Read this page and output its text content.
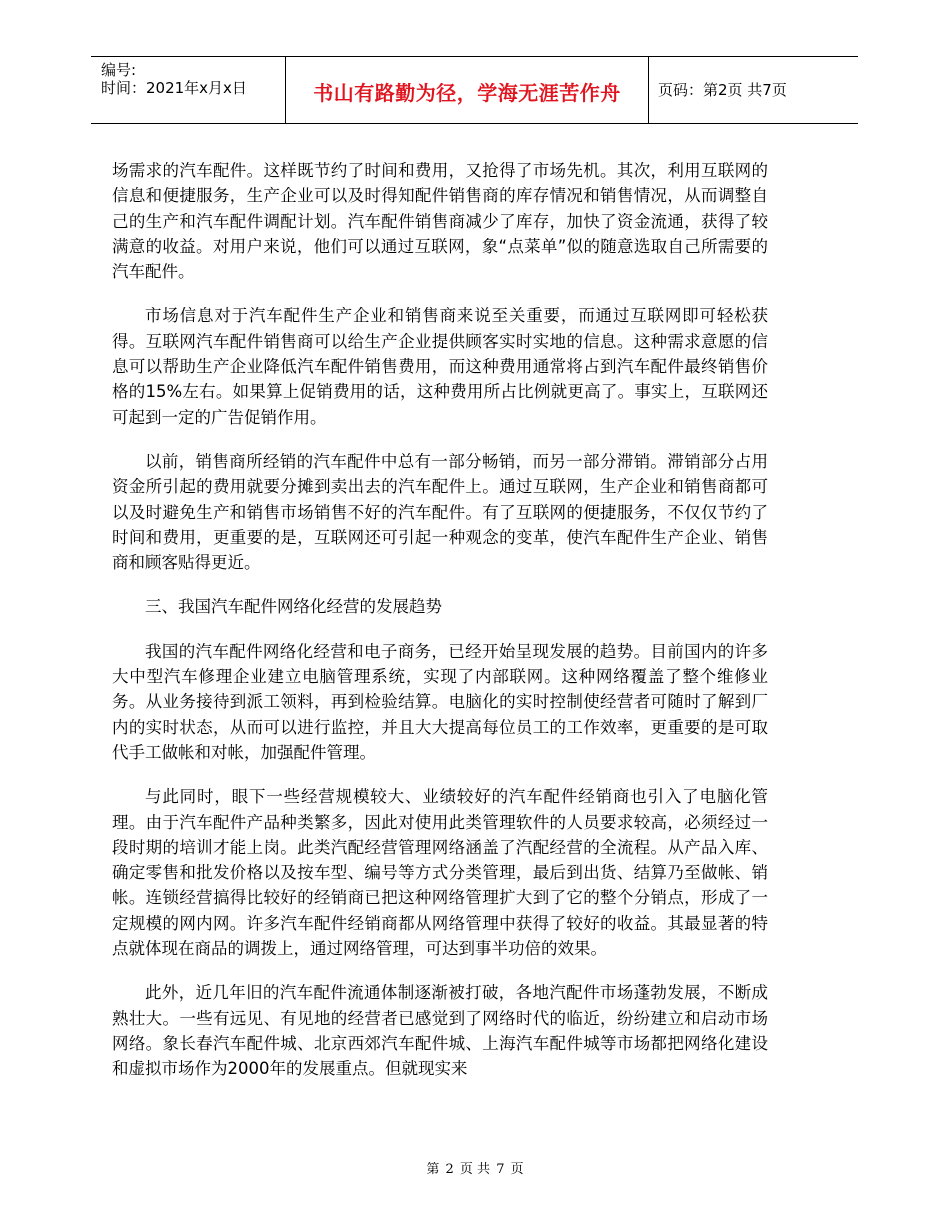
编号:
时间：2021年x月x日	书山有路勤为径，学海无涯苦作舟	页码：第2页 共7页

场需求的汽车配件。这样既节约了时间和费用，又抢得了市场先机。其次，利用互联网的信息和便捷服务，生产企业可以及时得知配件销售商的库存情况和销售情况，从而调整自己的生产和汽车配件调配计划。汽车配件销售商减少了库存，加快了资金流通，获得了较满意的收益。对用户来说，他们可以通过互联网，象“点菜单”似的随意选取自己所需要的汽车配件。

市场信息对于汽车配件生产企业和销售商来说至关重要，而通过互联网即可轻松获得。互联网汽车配件销售商可以给生产企业提供顾客实时实地的信息。这种需求意愿的信息可以帮助生产企业降低汽车配件销售费用，而这种费用通常将占到汽车配件最终销售价格的15%左右。如果算上促销费用的话，这种费用所占比例就更高了。事实上，互联网还可起到一定的广告促销作用。

以前，销售商所经销的汽车配件中总有一部分畅销，而另一部分滞销。滞销部分占用资金所引起的费用就要分摊到卖出去的汽车配件上。通过互联网，生产企业和销售商都可以及时避免生产和销售市场销售不好的汽车配件。有了互联网的便捷服务，不仅仅节约了时间和费用，更重要的是，互联网还可引起一种观念的变革，使汽车配件生产企业、销售商和顾客贴得更近。

三、我国汽车配件网络化经营的发展趋势

我国的汽车配件网络化经营和电子商务，已经开始呈现发展的趋势。目前国内的许多大中型汽车修理企业建立电脑管理系统，实现了内部联网。这种网络覆盖了整个维修业务。从业务接待到派工领料，再到检验结算。电脑化的实时控制使经营者可随时了解到厂内的实时状态，从而可以进行监控，并且大大提高每位员工的工作效率，更重要的是可取代手工做帐和对帐，加强配件管理。

与此同时，眼下一些经营规模较大、业绩较好的汽车配件经销商也引入了电脑化管理。由于汽车配件产品种类繁多，因此对使用此类管理软件的人员要求较高，必须经过一段时期的培训才能上岗。此类汽配经营管理网络涵盖了汽配经营的全流程。从产品入库、确定零售和批发价格以及按车型、编号等方式分类管理，最后到出货、结算乃至做帐、销帐。连锁经营搞得比较好的经销商已把这种网络管理扩大到了它的整个分销点，形成了一定规模的网内网。许多汽车配件经销商都从网络管理中获得了较好的收益。其最显著的特点就体现在商品的调拨上，通过网络管理，可达到事半功倍的效果。

此外，近几年旧的汽车配件流通体制逐渐被打破，各地汽配件市场蓬勃发展，不断成熟壮大。一些有远见、有见地的经营者已感觉到了网络时代的临近，纷纷建立和启动市场网络。象长春汽车配件城、北京西郊汽车配件城、上海汽车配件城等市场都把网络化建设和虚拟市场作为2000年的发展重点。但就现实来

第 2 页 共 7 页
